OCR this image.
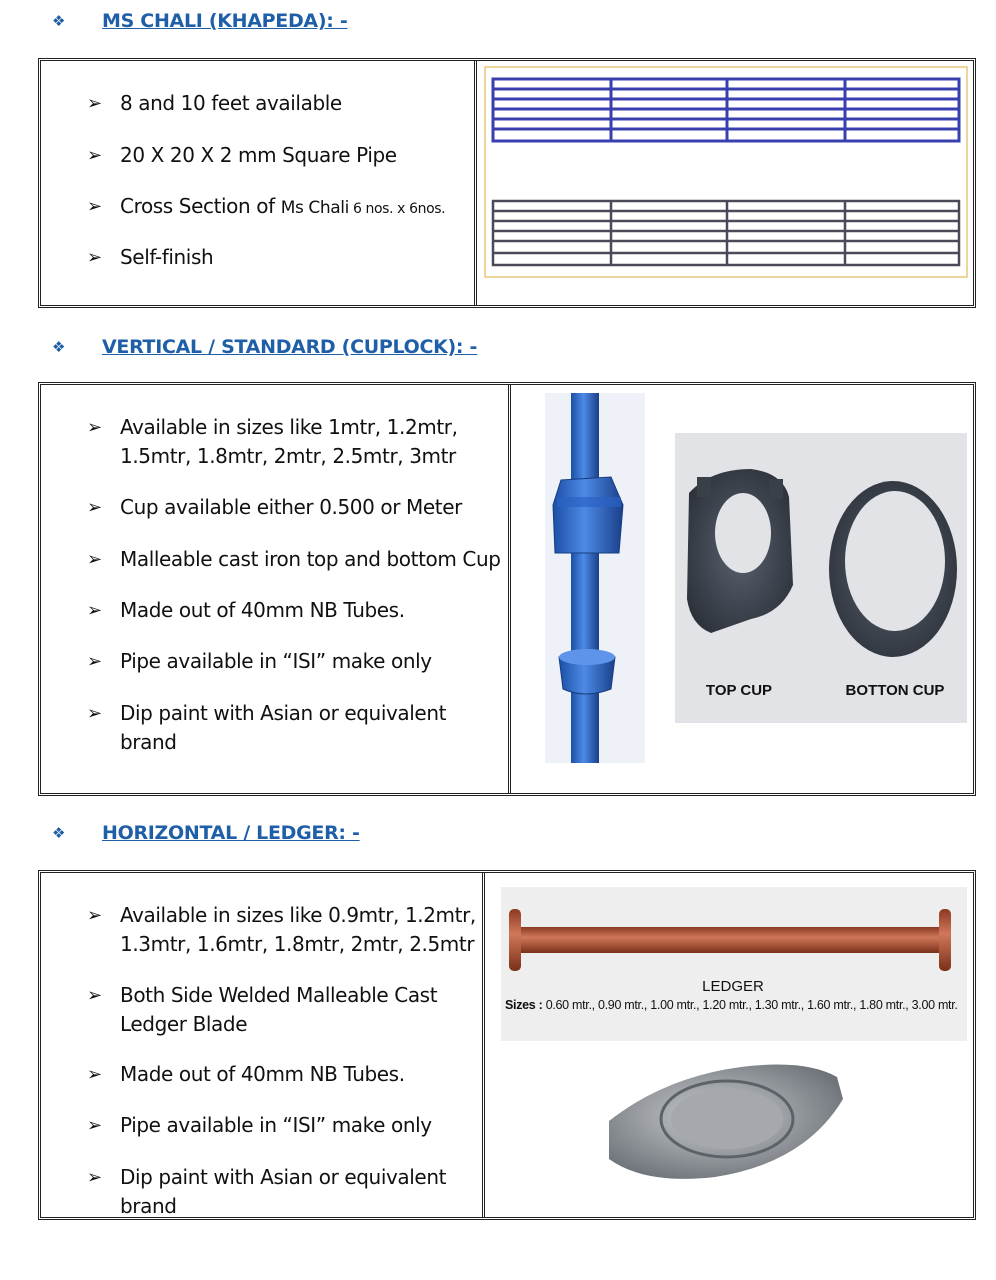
❖	MS CHALI (KHAPEDA): -
➢ 8 and 10 feet available
➢ 20 X 20 X 2 mm Square Pipe
➢ Cross Section of Ms Chali 6 nos. x 6nos.
➢ Self-finish
❖	VERTICAL / STANDARD (CUPLOCK): -
➢ Available in sizes like 1mtr, 1.2mtr, 1.5mtr, 1.8mtr, 2mtr, 2.5mtr, 3mtr
➢ Cup available either 0.500 or Meter
➢ Malleable cast iron top and bottom Cup
➢ Made out of 40mm NB Tubes.
➢ Pipe available in “ISI” make only
➢ Dip paint with Asian or equivalent brand
TOP CUP	BOTTON CUP
❖	HORIZONTAL / LEDGER: -
➢ Available in sizes like 0.9mtr, 1.2mtr, 1.3mtr, 1.6mtr, 1.8mtr, 2mtr, 2.5mtr
➢ Both Side Welded Malleable Cast Ledger Blade
➢ Made out of 40mm NB Tubes.
➢ Pipe available in “ISI” make only
➢ Dip paint with Asian or equivalent brand
LEDGER
Sizes : 0.60 mtr., 0.90 mtr., 1.00 mtr., 1.20 mtr., 1.30 mtr., 1.60 mtr., 1.80 mtr., 3.00 mtr.
